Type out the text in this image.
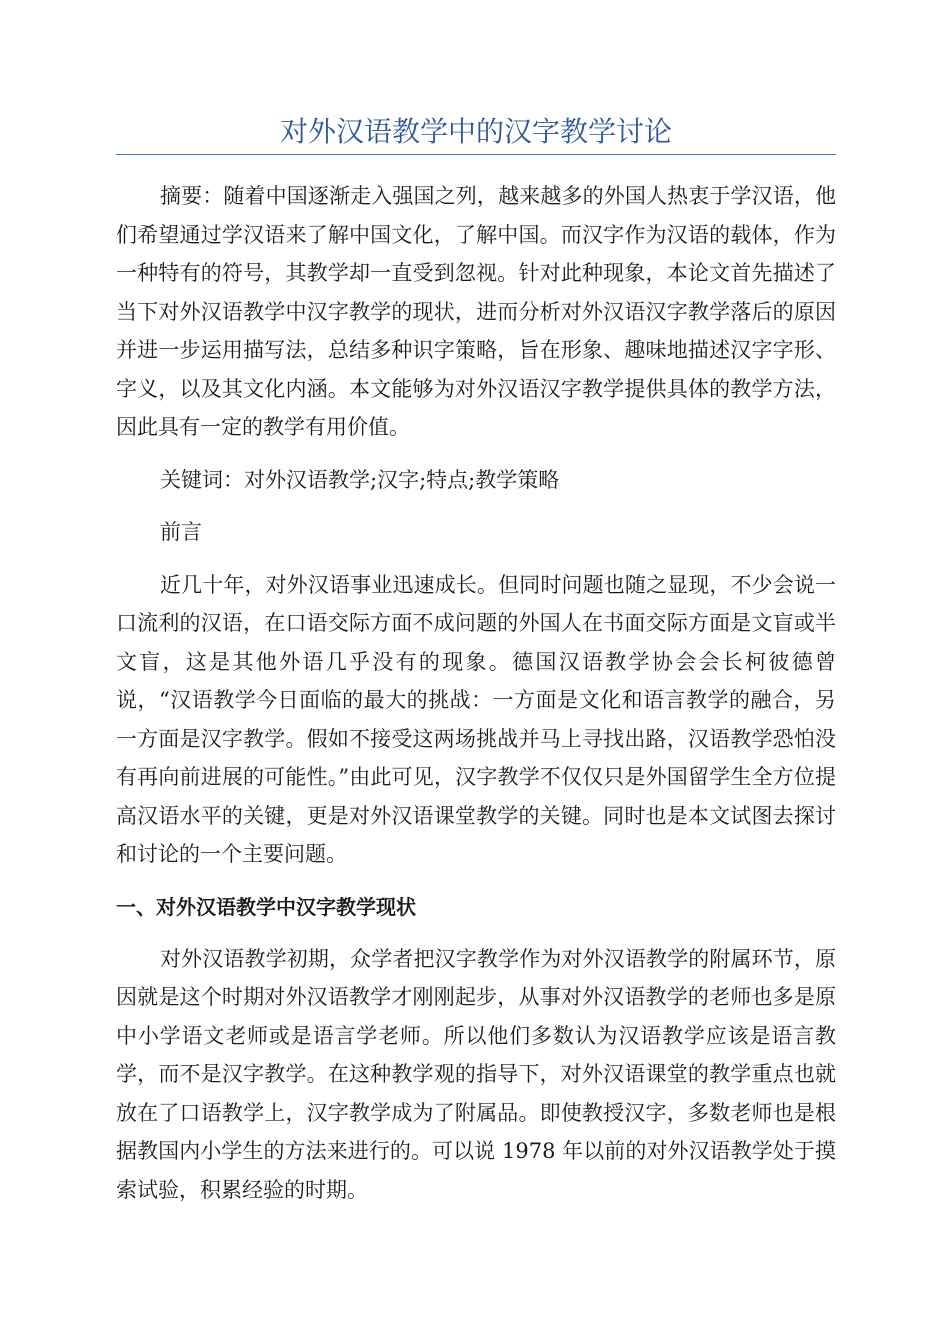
对外汉语教学中的汉字教学讨论

摘要：随着中国逐渐走入强国之列，越来越多的外国人热衷于学汉语，他们希望通过学汉语来了解中国文化，了解中国。而汉字作为汉语的载体，作为一种特有的符号，其教学却一直受到忽视。针对此种现象，本论文首先描述了当下对外汉语教学中汉字教学的现状，进而分析对外汉语汉字教学落后的原因并进一步运用描写法，总结多种识字策略，旨在形象、趣味地描述汉字字形、字义，以及其文化内涵。本文能够为对外汉语汉字教学提供具体的教学方法，因此具有一定的教学有用价值。

关键词：对外汉语教学;汉字;特点;教学策略

前言

近几十年，对外汉语事业迅速成长。但同时问题也随之显现，不少会说一口流利的汉语，在口语交际方面不成问题的外国人在书面交际方面是文盲或半文盲，这是其他外语几乎没有的现象。德国汉语教学协会会长柯彼德曾说，“汉语教学今日面临的最大的挑战：一方面是文化和语言教学的融合，另一方面是汉字教学。假如不接受这两场挑战并马上寻找出路，汉语教学恐怕没有再向前进展的可能性。”由此可见，汉字教学不仅仅只是外国留学生全方位提高汉语水平的关键，更是对外汉语课堂教学的关键。同时也是本文试图去探讨和讨论的一个主要问题。

一、对外汉语教学中汉字教学现状

对外汉语教学初期，众学者把汉字教学作为对外汉语教学的附属环节，原因就是这个时期对外汉语教学才刚刚起步，从事对外汉语教学的老师也多是原中小学语文老师或是语言学老师。所以他们多数认为汉语教学应该是语言教学，而不是汉字教学。在这种教学观的指导下，对外汉语课堂的教学重点也就放在了口语教学上，汉字教学成为了附属品。即使教授汉字，多数老师也是根据教国内小学生的方法来进行的。可以说 1978 年以前的对外汉语教学处于摸索试验，积累经验的时期。
